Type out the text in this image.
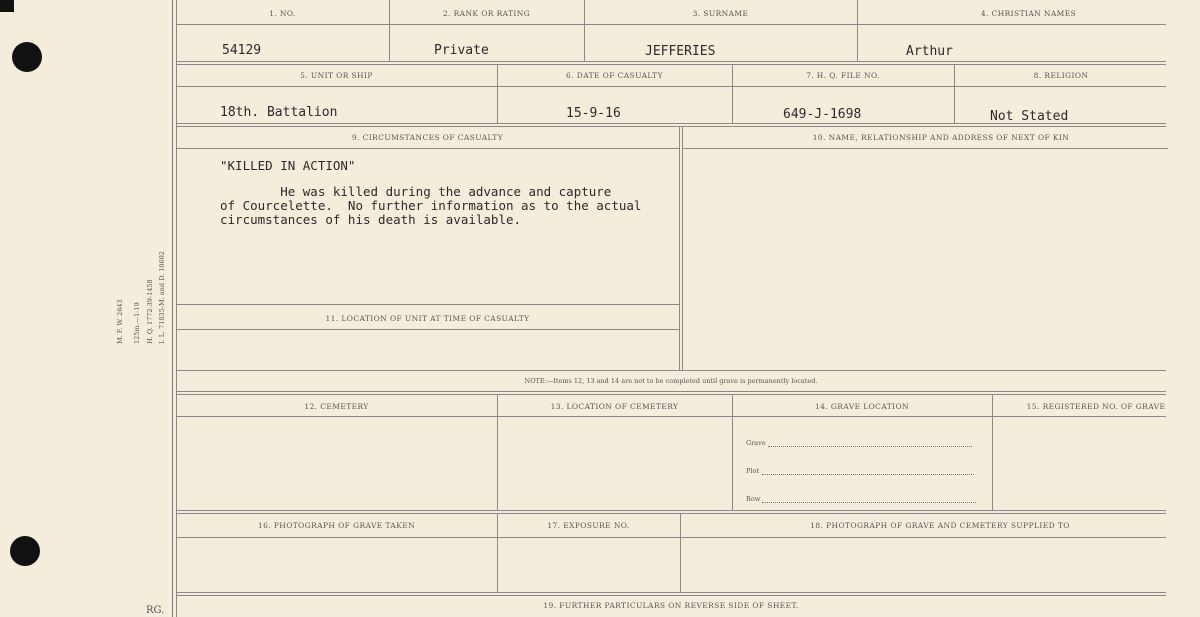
M. F. W. 2643 125m.—1-19 H. Q. 1772-39-1458 I. L. 71835-M. and D. 10602
RG.
1. NO.	2. RANK OR RATING	3. SURNAME	4. CHRISTIAN NAMES
54129	Private	JEFFERIES	Arthur
5. UNIT OR SHIP	6. DATE OF CASUALTY	7. H. Q. FILE NO.	8. RELIGION
18th. Battalion	15-9-16	649-J-1698	Not Stated
9. CIRCUMSTANCES OF CASUALTY	10. NAME, RELATIONSHIP AND ADDRESS OF NEXT OF KIN
"KILLED IN ACTION"
He was killed during the advance and capture
of Courcelette.  No further information as to the actual
circumstances of his death is available.
11. LOCATION OF UNIT AT TIME OF CASUALTY
NOTE:—Items 12, 13 and 14 are not to be completed until grave is permanently located.
12. CEMETERY	13. LOCATION OF CEMETERY	14. GRAVE LOCATION	15. REGISTERED NO. OF GRAVE
Grave
Plot
Row
16. PHOTOGRAPH OF GRAVE TAKEN	17. EXPOSURE NO.	18. PHOTOGRAPH OF GRAVE AND CEMETERY SUPPLIED TO
19. FURTHER PARTICULARS ON REVERSE SIDE OF SHEET.
